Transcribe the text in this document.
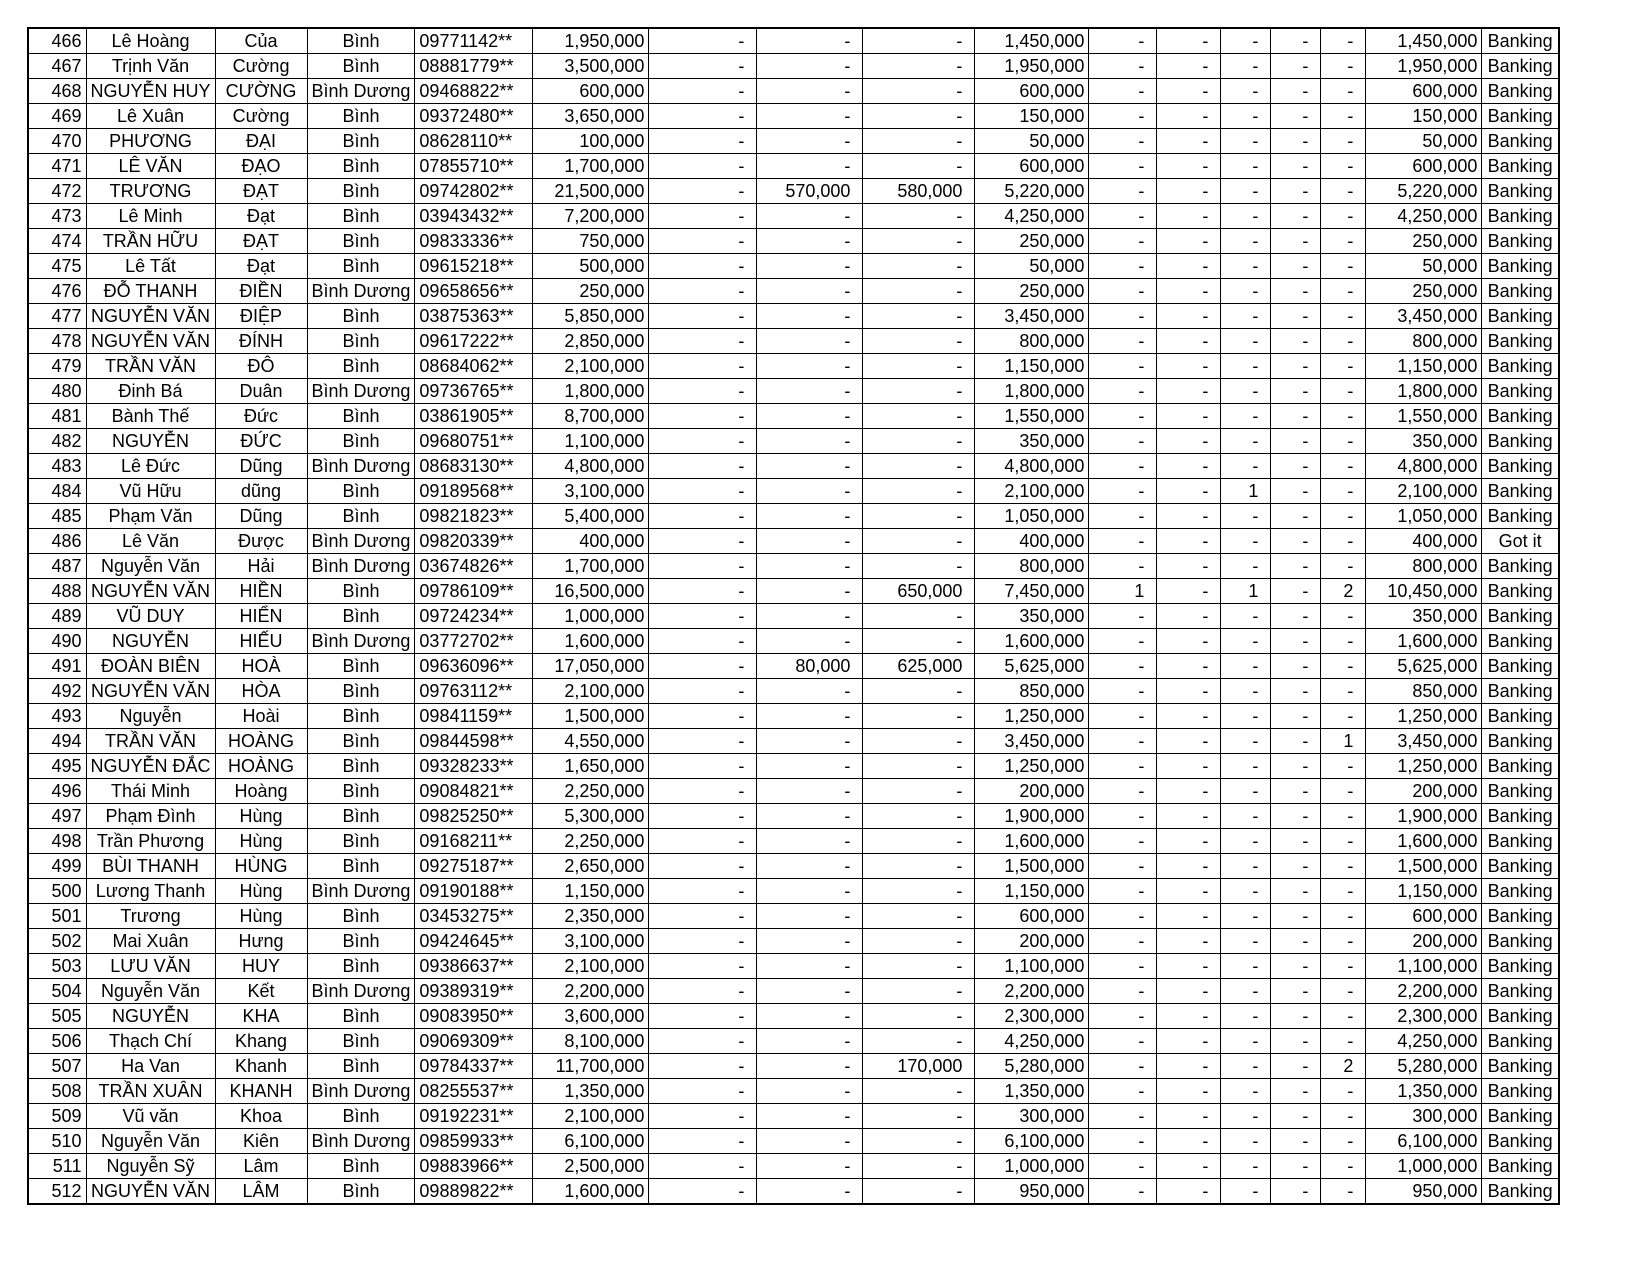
466	Lê Hoàng	Của	Bình	09771142**	1,950,000	-	-	-	1,450,000	-	-	-	-	-	1,450,000	Banking
467	Trịnh Văn	Cường	Bình	08881779**	3,500,000	-	-	-	1,950,000	-	-	-	-	-	1,950,000	Banking
468	NGUYỄN HUY	CƯỜNG	Bình Dương	09468822**	600,000	-	-	-	600,000	-	-	-	-	-	600,000	Banking
469	Lê Xuân	Cường	Bình	09372480**	3,650,000	-	-	-	150,000	-	-	-	-	-	150,000	Banking
470	PHƯƠNG	ĐẠI	Bình	08628110**	100,000	-	-	-	50,000	-	-	-	-	-	50,000	Banking
471	LÊ VĂN	ĐẠO	Bình	07855710**	1,700,000	-	-	-	600,000	-	-	-	-	-	600,000	Banking
472	TRƯƠNG	ĐẠT	Bình	09742802**	21,500,000	-	570,000	580,000	5,220,000	-	-	-	-	-	5,220,000	Banking
473	Lê Minh	Đạt	Bình	03943432**	7,200,000	-	-	-	4,250,000	-	-	-	-	-	4,250,000	Banking
474	TRẦN HỮU	ĐẠT	Bình	09833336**	750,000	-	-	-	250,000	-	-	-	-	-	250,000	Banking
475	Lê Tất	Đạt	Bình	09615218**	500,000	-	-	-	50,000	-	-	-	-	-	50,000	Banking
476	ĐỖ THANH	ĐIỀN	Bình Dương	09658656**	250,000	-	-	-	250,000	-	-	-	-	-	250,000	Banking
477	NGUYỄN VĂN	ĐIỆP	Bình	03875363**	5,850,000	-	-	-	3,450,000	-	-	-	-	-	3,450,000	Banking
478	NGUYỄN VĂN	ĐÍNH	Bình	09617222**	2,850,000	-	-	-	800,000	-	-	-	-	-	800,000	Banking
479	TRẦN VĂN	ĐÔ	Bình	08684062**	2,100,000	-	-	-	1,150,000	-	-	-	-	-	1,150,000	Banking
480	Đinh Bá	Duân	Bình Dương	09736765**	1,800,000	-	-	-	1,800,000	-	-	-	-	-	1,800,000	Banking
481	Bành Thế	Đức	Bình	03861905**	8,700,000	-	-	-	1,550,000	-	-	-	-	-	1,550,000	Banking
482	NGUYỄN	ĐỨC	Bình	09680751**	1,100,000	-	-	-	350,000	-	-	-	-	-	350,000	Banking
483	Lê Đức	Dũng	Bình Dương	08683130**	4,800,000	-	-	-	4,800,000	-	-	-	-	-	4,800,000	Banking
484	Vũ Hữu	dũng	Bình	09189568**	3,100,000	-	-	-	2,100,000	-	-	1	-	-	2,100,000	Banking
485	Phạm Văn	Dũng	Bình	09821823**	5,400,000	-	-	-	1,050,000	-	-	-	-	-	1,050,000	Banking
486	Lê Văn	Được	Bình Dương	09820339**	400,000	-	-	-	400,000	-	-	-	-	-	400,000	Got it
487	Nguyễn Văn	Hải	Bình Dương	03674826**	1,700,000	-	-	-	800,000	-	-	-	-	-	800,000	Banking
488	NGUYỄN VĂN	HIỀN	Bình	09786109**	16,500,000	-	-	650,000	7,450,000	1	-	1	-	2	10,450,000	Banking
489	VŨ DUY	HIỂN	Bình	09724234**	1,000,000	-	-	-	350,000	-	-	-	-	-	350,000	Banking
490	NGUYỄN	HIẾU	Bình Dương	03772702**	1,600,000	-	-	-	1,600,000	-	-	-	-	-	1,600,000	Banking
491	ĐOÀN BIÊN	HOÀ	Bình	09636096**	17,050,000	-	80,000	625,000	5,625,000	-	-	-	-	-	5,625,000	Banking
492	NGUYỄN VĂN	HÒA	Bình	09763112**	2,100,000	-	-	-	850,000	-	-	-	-	-	850,000	Banking
493	Nguyễn	Hoài	Bình	09841159**	1,500,000	-	-	-	1,250,000	-	-	-	-	-	1,250,000	Banking
494	TRẦN VĂN	HOÀNG	Bình	09844598**	4,550,000	-	-	-	3,450,000	-	-	-	-	1	3,450,000	Banking
495	NGUYỄN ĐẮC	HOÀNG	Bình	09328233**	1,650,000	-	-	-	1,250,000	-	-	-	-	-	1,250,000	Banking
496	Thái Minh	Hoàng	Bình	09084821**	2,250,000	-	-	-	200,000	-	-	-	-	-	200,000	Banking
497	Phạm Đình	Hùng	Bình	09825250**	5,300,000	-	-	-	1,900,000	-	-	-	-	-	1,900,000	Banking
498	Trần Phương	Hùng	Bình	09168211**	2,250,000	-	-	-	1,600,000	-	-	-	-	-	1,600,000	Banking
499	BÙI THANH	HÙNG	Bình	09275187**	2,650,000	-	-	-	1,500,000	-	-	-	-	-	1,500,000	Banking
500	Lương Thanh	Hùng	Bình Dương	09190188**	1,150,000	-	-	-	1,150,000	-	-	-	-	-	1,150,000	Banking
501	Trương	Hùng	Bình	03453275**	2,350,000	-	-	-	600,000	-	-	-	-	-	600,000	Banking
502	Mai Xuân	Hưng	Bình	09424645**	3,100,000	-	-	-	200,000	-	-	-	-	-	200,000	Banking
503	LƯU VĂN	HUY	Bình	09386637**	2,100,000	-	-	-	1,100,000	-	-	-	-	-	1,100,000	Banking
504	Nguyễn Văn	Kết	Bình Dương	09389319**	2,200,000	-	-	-	2,200,000	-	-	-	-	-	2,200,000	Banking
505	NGUYỄN	KHA	Bình	09083950**	3,600,000	-	-	-	2,300,000	-	-	-	-	-	2,300,000	Banking
506	Thạch Chí	Khang	Bình	09069309**	8,100,000	-	-	-	4,250,000	-	-	-	-	-	4,250,000	Banking
507	Ha Van	Khanh	Bình	09784337**	11,700,000	-	-	170,000	5,280,000	-	-	-	-	2	5,280,000	Banking
508	TRẦN XUÂN	KHANH	Bình Dương	08255537**	1,350,000	-	-	-	1,350,000	-	-	-	-	-	1,350,000	Banking
509	Vũ văn	Khoa	Bình	09192231**	2,100,000	-	-	-	300,000	-	-	-	-	-	300,000	Banking
510	Nguyễn Văn	Kiên	Bình Dương	09859933**	6,100,000	-	-	-	6,100,000	-	-	-	-	-	6,100,000	Banking
511	Nguyễn Sỹ	Lâm	Bình	09883966**	2,500,000	-	-	-	1,000,000	-	-	-	-	-	1,000,000	Banking
512	NGUYỄN VĂN	LÂM	Bình	09889822**	1,600,000	-	-	-	950,000	-	-	-	-	-	950,000	Banking
